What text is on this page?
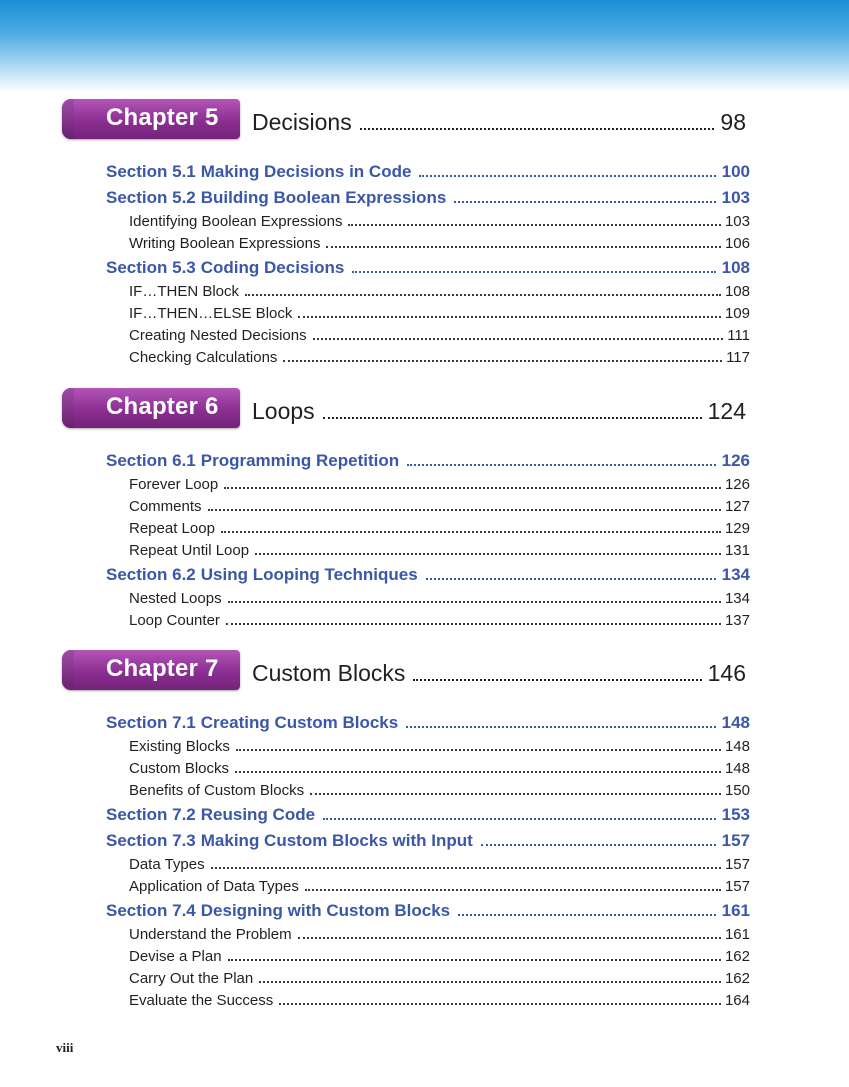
Chapter 5 Decisions	98
Section 5.1 Making Decisions in Code	100
Section 5.2 Building Boolean Expressions	103
Identifying Boolean Expressions	103
Writing Boolean Expressions	106
Section 5.3 Coding Decisions	108
IF…THEN Block	108
IF…THEN…ELSE Block	109
Creating Nested Decisions	111
Checking Calculations	117
Chapter 6 Loops	124
Section 6.1 Programming Repetition	126
Forever Loop	126
Comments	127
Repeat Loop	129
Repeat Until Loop	131
Section 6.2 Using Looping Techniques	134
Nested Loops	134
Loop Counter	137
Chapter 7 Custom Blocks	146
Section 7.1 Creating Custom Blocks	148
Existing Blocks	148
Custom Blocks	148
Benefits of Custom Blocks	150
Section 7.2 Reusing Code	153
Section 7.3 Making Custom Blocks with Input	157
Data Types	157
Application of Data Types	157
Section 7.4 Designing with Custom Blocks	161
Understand the Problem	161
Devise a Plan	162
Carry Out the Plan	162
Evaluate the Success	164
viii
